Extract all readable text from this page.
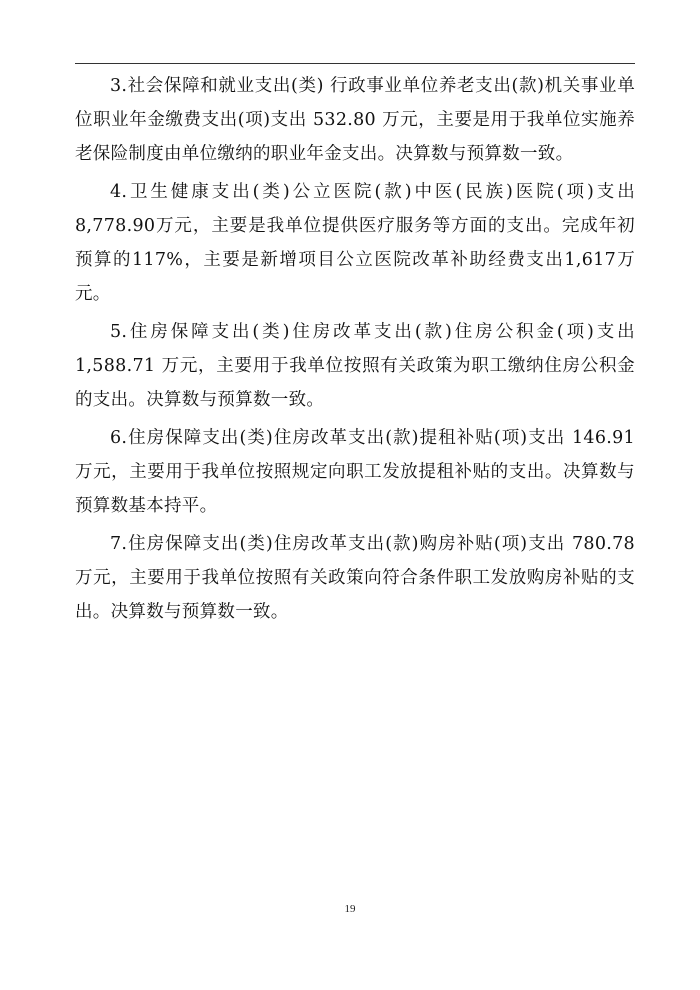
3.社会保障和就业支出(类) 行政事业单位养老支出(款)机关事业单位职业年金缴费支出(项)支出 532.80 万元，主要是用于我单位实施养老保险制度由单位缴纳的职业年金支出。决算数与预算数一致。

4.卫生健康支出(类)公立医院(款)中医(民族)医院(项)支出 8,778.90万元，主要是我单位提供医疗服务等方面的支出。完成年初预算的117%，主要是新增项目公立医院改革补助经费支出1,617万元。

5.住房保障支出(类)住房改革支出(款)住房公积金(项)支出 1,588.71 万元，主要用于我单位按照有关政策为职工缴纳住房公积金的支出。决算数与预算数一致。

6.住房保障支出(类)住房改革支出(款)提租补贴(项)支出 146.91 万元，主要用于我单位按照规定向职工发放提租补贴的支出。决算数与预算数基本持平。

7.住房保障支出(类)住房改革支出(款)购房补贴(项)支出 780.78 万元，主要用于我单位按照有关政策向符合条件职工发放购房补贴的支出。决算数与预算数一致。

19
